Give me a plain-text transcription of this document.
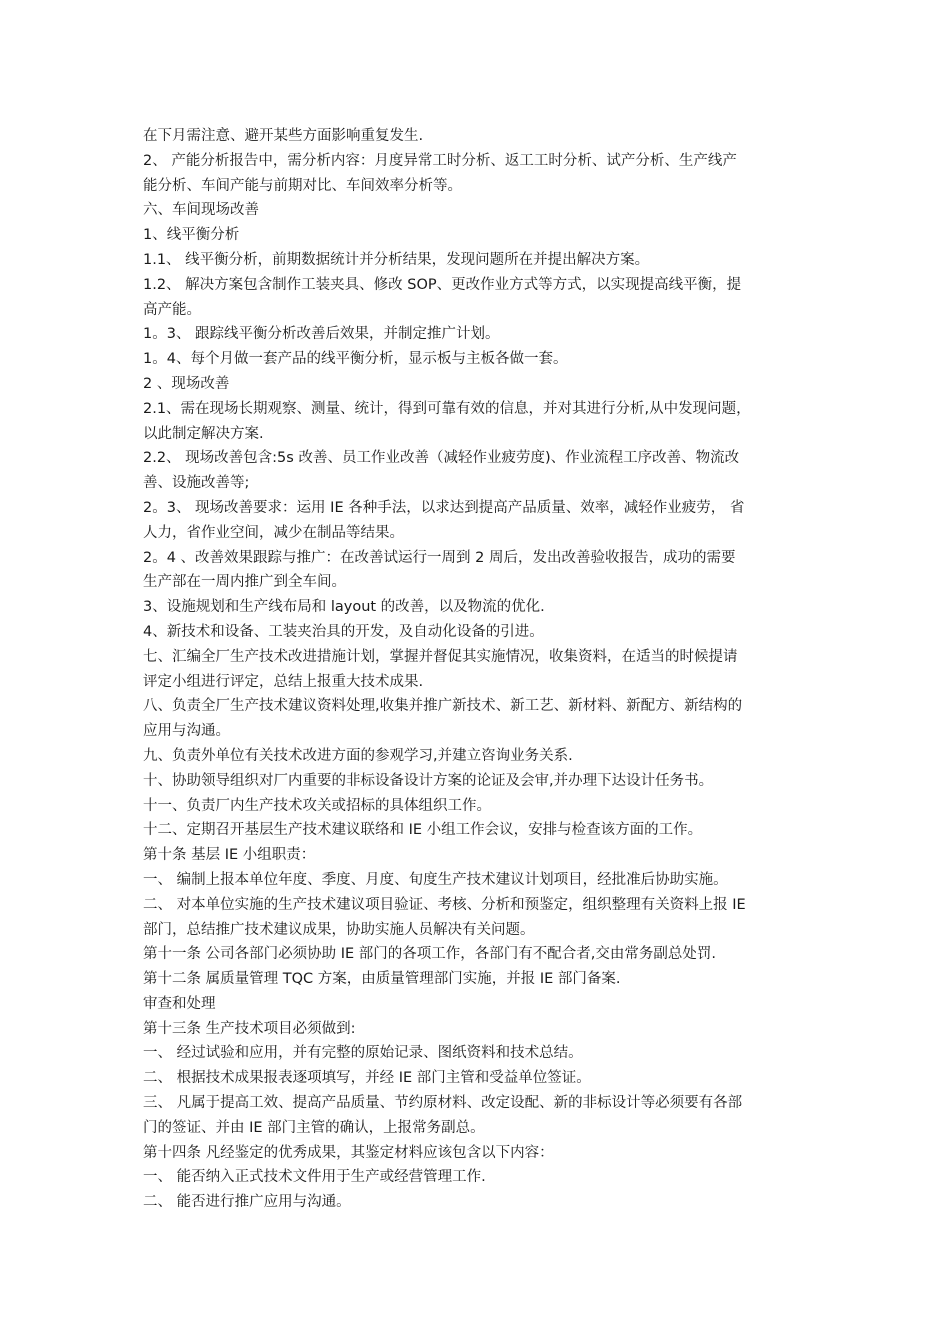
在下月需注意、避开某些方面影响重复发生.
2、 产能分析报告中，需分析内容：月度异常工时分析、返工工时分析、试产分析、生产线产
能分析、车间产能与前期对比、车间效率分析等。
六、车间现场改善
1、线平衡分析
1.1、 线平衡分析，前期数据统计并分析结果，发现问题所在并提出解决方案。
1.2、 解决方案包含制作工装夹具、修改 SOP、更改作业方式等方式，以实现提高线平衡，提
高产能。
1。3、 跟踪线平衡分析改善后效果，并制定推广计划。
1。4、每个月做一套产品的线平衡分析，显示板与主板各做一套。
2 、现场改善
2.1、需在现场长期观察、测量、统计，得到可靠有效的信息，并对其进行分析,从中发现问题，
以此制定解决方案.
2.2、 现场改善包含:5s 改善、员工作业改善（减轻作业疲劳度)、作业流程工序改善、物流改
善、设施改善等;
2。3、 现场改善要求：运用 IE 各种手法，以求达到提高产品质量、效率，减轻作业疲劳， 省
人力，省作业空间，减少在制品等结果。
2。4 、改善效果跟踪与推广：在改善试运行一周到 2 周后，发出改善验收报告，成功的需要
生产部在一周内推广到全车间。
3、设施规划和生产线布局和 layout 的改善，以及物流的优化.
4、新技术和设备、工装夹治具的开发，及自动化设备的引进。
七、汇编全厂生产技术改进措施计划，掌握并督促其实施情况，收集资料，在适当的时候提请
评定小组进行评定，总结上报重大技术成果.
八、负责全厂生产技术建议资料处理,收集并推广新技术、新工艺、新材料、新配方、新结构的
应用与沟通。
九、负责外单位有关技术改进方面的参观学习,并建立咨询业务关系.
十、协助领导组织对厂内重要的非标设备设计方案的论证及会审,并办理下达设计任务书。
十一、负责厂内生产技术攻关或招标的具体组织工作。
十二、定期召开基层生产技术建议联络和 IE 小组工作会议，安排与检查该方面的工作。
第十条 基层 IE 小组职责：
一、 编制上报本单位年度、季度、月度、旬度生产技术建议计划项目，经批准后协助实施。
二、 对本单位实施的生产技术建议项目验证、考核、分析和预鉴定，组织整理有关资料上报 IE
部门，总结推广技术建议成果，协助实施人员解决有关问题。
第十一条 公司各部门必须协助 IE 部门的各项工作，各部门有不配合者,交由常务副总处罚.
第十二条 属质量管理 TQC 方案，由质量管理部门实施，并报 IE 部门备案.
审查和处理
第十三条 生产技术项目必须做到:
一、 经过试验和应用，并有完整的原始记录、图纸资料和技术总结。
二、 根据技术成果报表逐项填写，并经 IE 部门主管和受益单位签证。
三、 凡属于提高工效、提高产品质量、节约原材料、改定设配、新的非标设计等必须要有各部
门的签证、并由 IE 部门主管的确认，上报常务副总。
第十四条 凡经鉴定的优秀成果，其鉴定材料应该包含以下内容：
一、 能否纳入正式技术文件用于生产或经营管理工作.
二、 能否进行推广应用与沟通。
